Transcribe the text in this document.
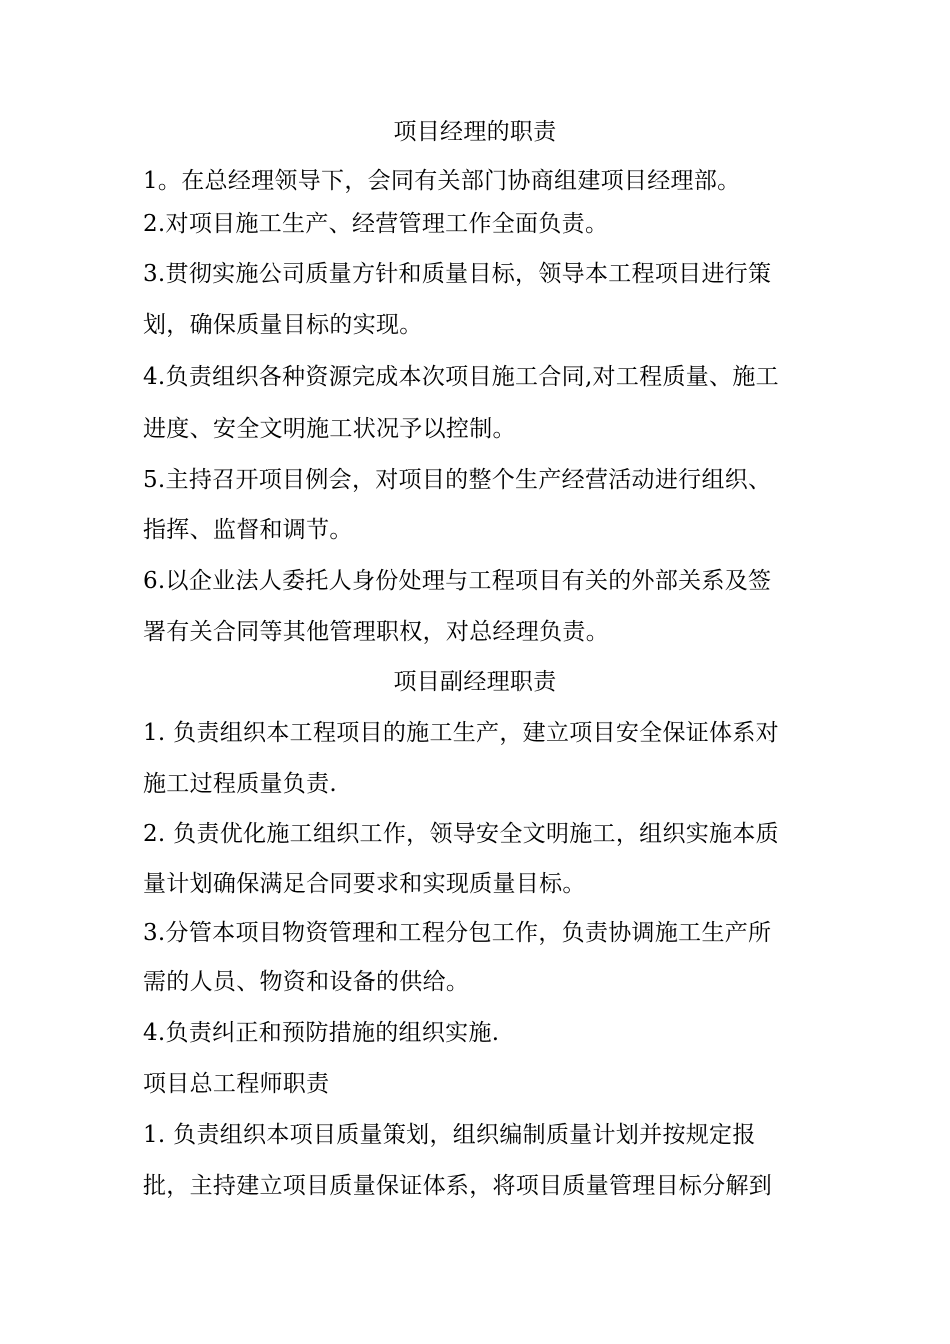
项目经理的职责
1。在总经理领导下，会同有关部门协商组建项目经理部。
2.对项目施工生产、经营管理工作全面负责。
3.贯彻实施公司质量方针和质量目标，领导本工程项目进行策
划，确保质量目标的实现。
4.负责组织各种资源完成本次项目施工合同,对工程质量、施工
进度、安全文明施工状况予以控制。
5.主持召开项目例会，对项目的整个生产经营活动进行组织、
指挥、监督和调节。
6.以企业法人委托人身份处理与工程项目有关的外部关系及签
署有关合同等其他管理职权，对总经理负责。
项目副经理职责
1. 负责组织本工程项目的施工生产，建立项目安全保证体系对
施工过程质量负责.
2. 负责优化施工组织工作，领导安全文明施工，组织实施本质
量计划确保满足合同要求和实现质量目标。
3.分管本项目物资管理和工程分包工作，负责协调施工生产所
需的人员、物资和设备的供给。
4.负责纠正和预防措施的组织实施.
项目总工程师职责
1. 负责组织本项目质量策划，组织编制质量计划并按规定报
批，主持建立项目质量保证体系，将项目质量管理目标分解到
